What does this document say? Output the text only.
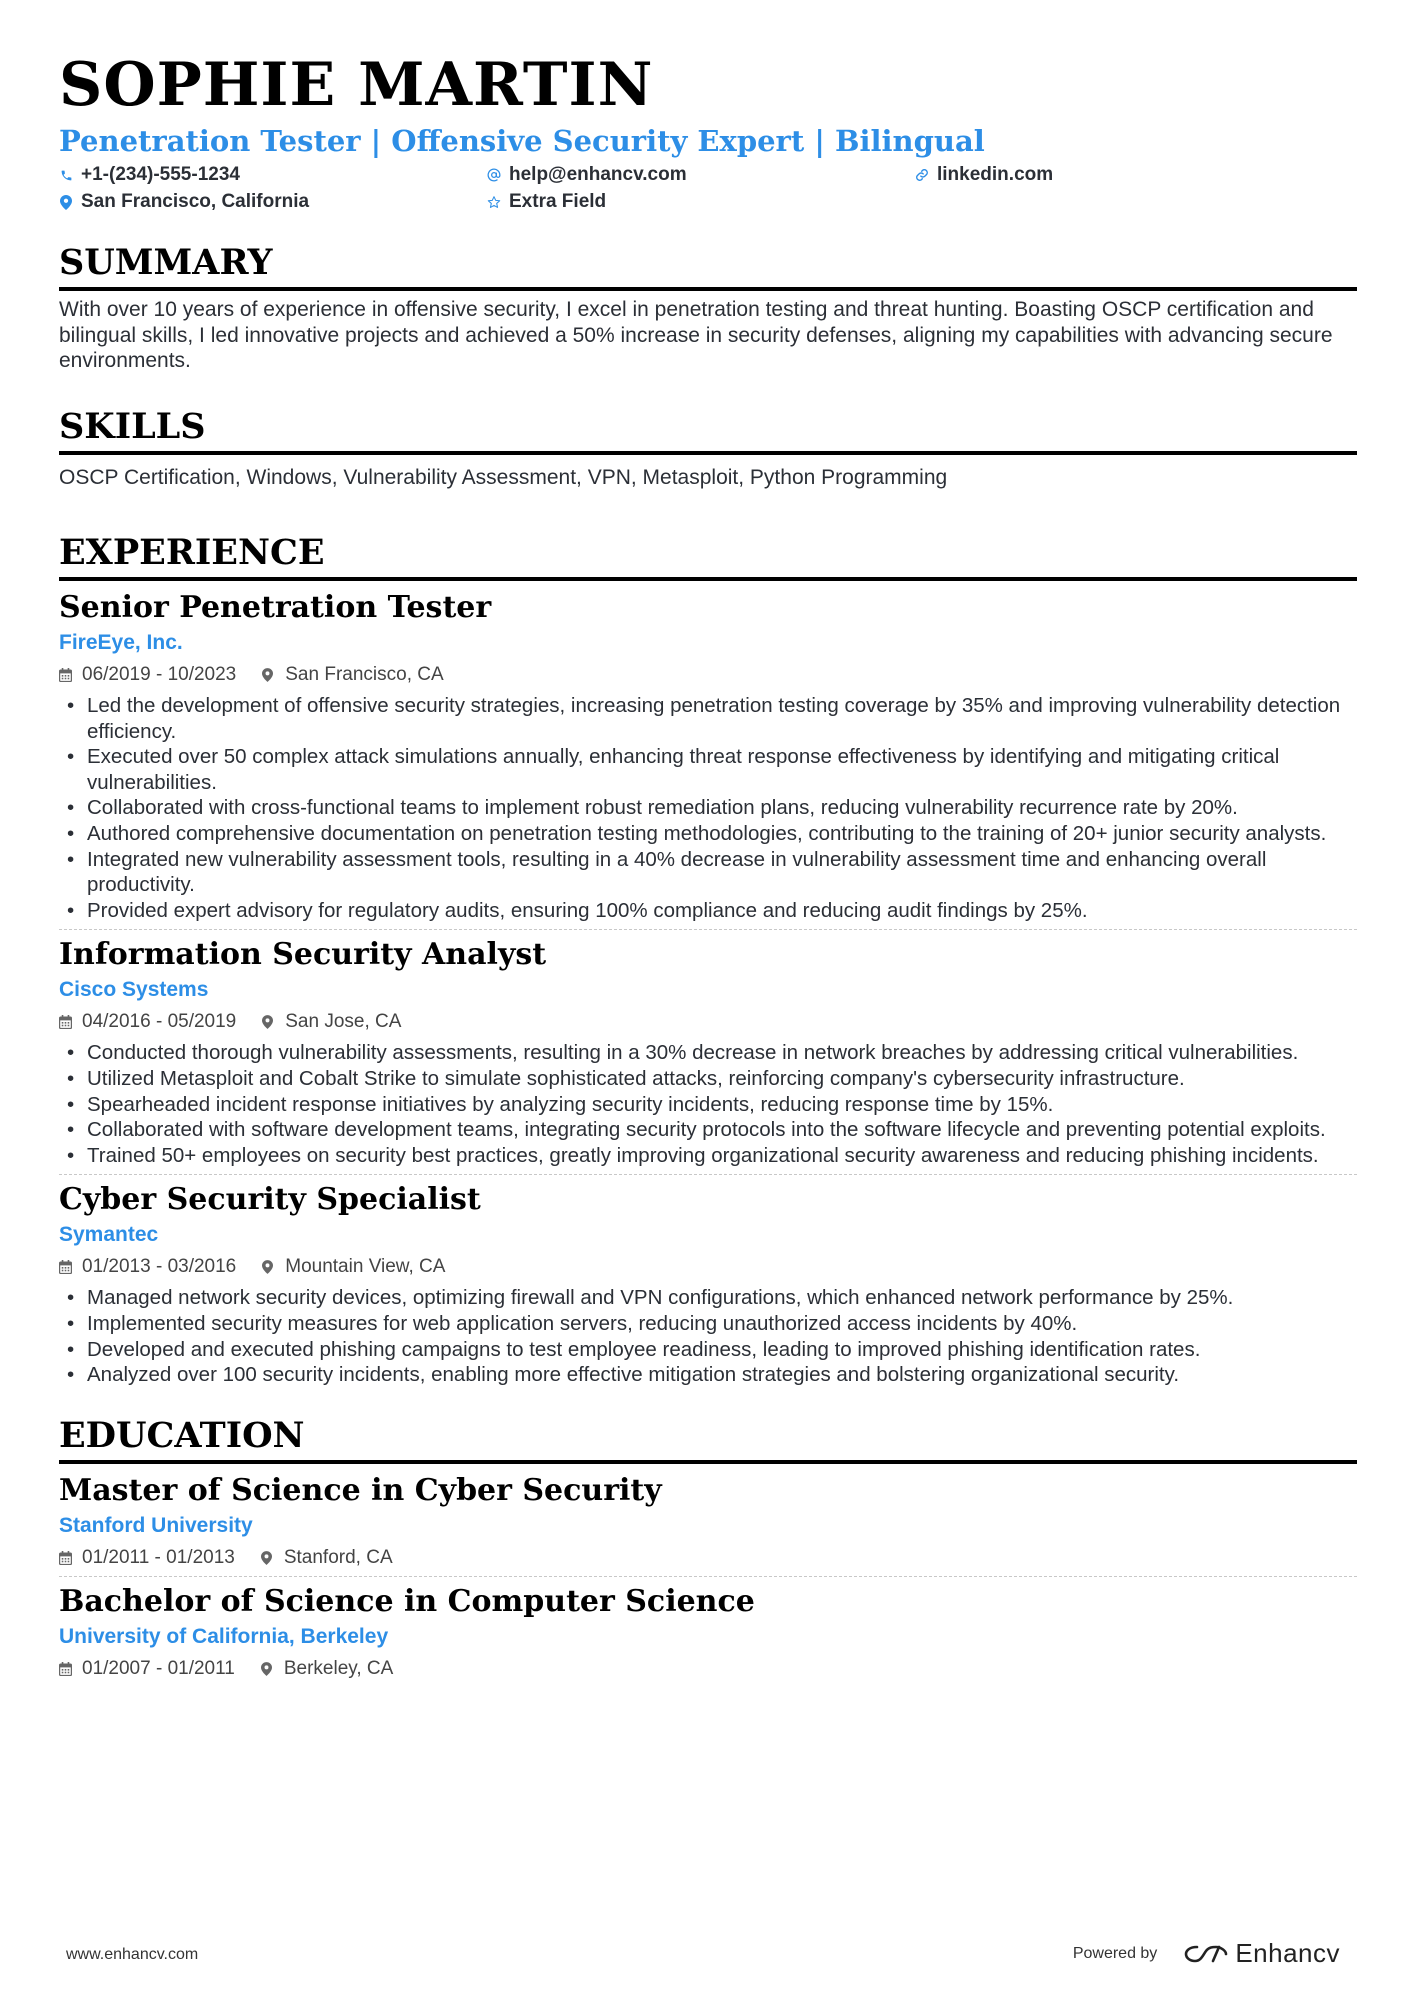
SOPHIE MARTIN
Penetration Tester | Offensive Security Expert | Bilingual
+1-(234)-555-1234	help@enhancv.com	linkedin.com
San Francisco, California	Extra Field
SUMMARY

With over 10 years of experience in offensive security, I excel in penetration testing and threat hunting. Boasting OSCP certification and bilingual skills, I led innovative projects and achieved a 50% increase in security defenses, aligning my capabilities with advancing secure environments.

SKILLS

OSCP Certification, Windows, Vulnerability Assessment, VPN, Metasploit, Python Programming

EXPERIENCE
Senior Penetration Tester
FireEye, Inc.
06/2019 - 10/2023	San Francisco, CA
• Led the development of offensive security strategies, increasing penetration testing coverage by 35% and improving vulnerability detection efficiency.
• Executed over 50 complex attack simulations annually, enhancing threat response effectiveness by identifying and mitigating critical vulnerabilities.
• Collaborated with cross-functional teams to implement robust remediation plans, reducing vulnerability recurrence rate by 20%.
• Authored comprehensive documentation on penetration testing methodologies, contributing to the training of 20+ junior security analysts.
• Integrated new vulnerability assessment tools, resulting in a 40% decrease in vulnerability assessment time and enhancing overall productivity.
• Provided expert advisory for regulatory audits, ensuring 100% compliance and reducing audit findings by 25%.
Information Security Analyst
Cisco Systems
04/2016 - 05/2019	San Jose, CA
• Conducted thorough vulnerability assessments, resulting in a 30% decrease in network breaches by addressing critical vulnerabilities.
• Utilized Metasploit and Cobalt Strike to simulate sophisticated attacks, reinforcing company's cybersecurity infrastructure.
• Spearheaded incident response initiatives by analyzing security incidents, reducing response time by 15%.
• Collaborated with software development teams, integrating security protocols into the software lifecycle and preventing potential exploits.
• Trained 50+ employees on security best practices, greatly improving organizational security awareness and reducing phishing incidents.
Cyber Security Specialist
Symantec
01/2013 - 03/2016	Mountain View, CA
• Managed network security devices, optimizing firewall and VPN configurations, which enhanced network performance by 25%.
• Implemented security measures for web application servers, reducing unauthorized access incidents by 40%.
• Developed and executed phishing campaigns to test employee readiness, leading to improved phishing identification rates.
• Analyzed over 100 security incidents, enabling more effective mitigation strategies and bolstering organizational security.
EDUCATION
Master of Science in Cyber Security
Stanford University
01/2011 - 01/2013	Stanford, CA
Bachelor of Science in Computer Science
University of California, Berkeley
01/2007 - 01/2011	Berkeley, CA
www.enhancv.com	Powered by	Enhancv
